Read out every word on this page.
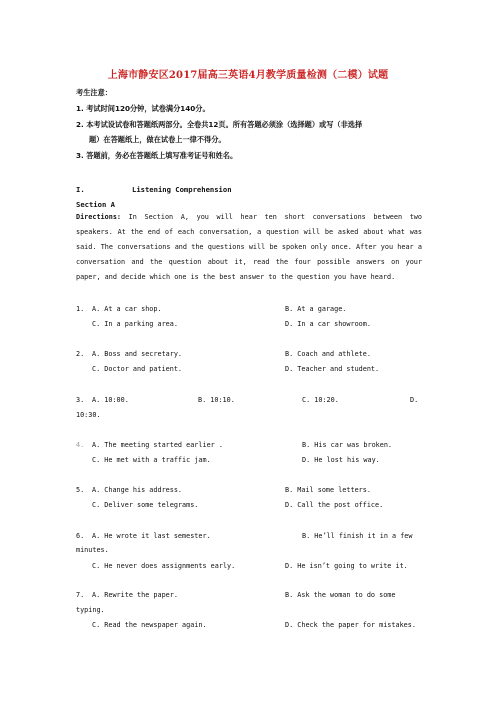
上海市静安区2017届高三英语4月教学质量检测（二模）试题
考生注意：
1. 考试时间120分钟，试卷满分140分。
2. 本考试设试卷和答题纸两部分。全卷共12页。所有答题必须涂（选择题）或写（非选择
题）在答题纸上，做在试卷上一律不得分。
3. 答题前，务必在答题纸上填写准考证号和姓名。
I.	Listening Comprehension
Section A
Directions: In Section A, you will hear ten short conversations between two speakers. At the end of each conversation, a question will be asked about what was said. The conversations and the questions will be spoken only once. After you hear a conversation and the question about it, read the four possible answers on your paper, and decide which one is the best answer to the question you have heard.
1. A. At a car shop.	B. At a garage.
C. In a parking area.	D. In a car showroom.
2. A. Boss and secretary.	B. Coach and athlete.
C. Doctor and patient.	D. Teacher and student.
3. A. 10:00.	B. 10:10.	C. 10:20.	D.
10:30.
4. A. The meeting started earlier .	B. His car was broken.
C. He met with a traffic jam.	D. He lost his way.
5. A. Change his address.	B. Mail some letters.
C. Deliver some telegrams.	D. Call the post office.
6. A. He wrote it last semester.	B. He’ll finish it in a few
minutes.
C. He never does assignments early.	D. He isn’t going to write it.
7. A. Rewrite the paper.	B. Ask the woman to do some
typing.
C. Read the newspaper again.	D. Check the paper for mistakes.
